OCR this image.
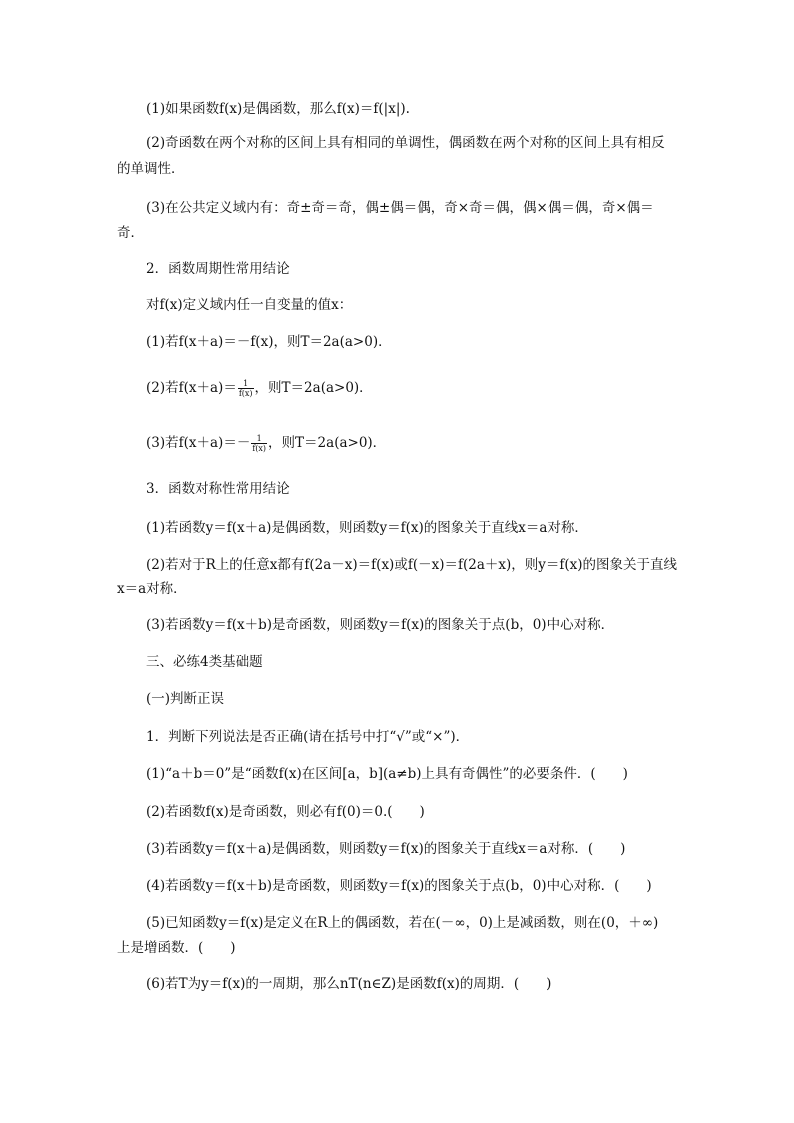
(1)如果函数f(x)是偶函数，那么f(x)＝f(|x|).
(2)奇函数在两个对称的区间上具有相同的单调性，偶函数在两个对称的区间上具有相反
的单调性．
(3)在公共定义域内有：奇±奇＝奇，偶±偶＝偶，奇×奇＝偶，偶×偶＝偶，奇×偶＝
奇．
2．函数周期性常用结论
对f(x)定义域内任一自变量的值x：
(1)若f(x＋a)＝－f(x)，则T＝2a(a>0)．
(2)若$f(x+a)= \frac{1}{f(x)}$ ，则T＝2a(a>0)．
(3)若$f(x+a)=- \frac{1}{f(x)}$ ，则T＝2a(a>0)．
3．函数对称性常用结论
(1)若函数y＝f(x＋a)是偶函数，则函数y＝f(x)的图象关于直线x＝a对称．
(2)若对于R上的任意x都有f(2a－x)＝f(x)或f(－x)＝f(2a＋x)，则y＝f(x)的图象关于直线
x＝a对称．
(3)若函数y＝f(x＋b)是奇函数，则函数y＝f(x)的图象关于点(b，0)中心对称．
三、必练4类基础题
(一)判断正误
1．判断下列说法是否正确(请在括号中打“√”或“×”)．
(1)“a＋b＝0”是“函数f(x)在区间[a，b](a≠b)上具有奇偶性”的必要条件．(　　)
(2)若函数f(x)是奇函数，则必有f(0)＝0.(　　)
(3)若函数y＝f(x＋a)是偶函数，则函数y＝f(x)的图象关于直线x＝a对称．(　　)
(4)若函数y＝f(x＋b)是奇函数，则函数y＝f(x)的图象关于点(b，0)中心对称．(　　)
(5)已知函数y＝f(x)是定义在R上的偶函数，若在(－∞，0)上是减函数，则在(0，＋∞)
上是增函数．(　　)
(6)若T为y＝f(x)的一周期，那么nT(n∈Z)是函数f(x)的周期．(　　)
